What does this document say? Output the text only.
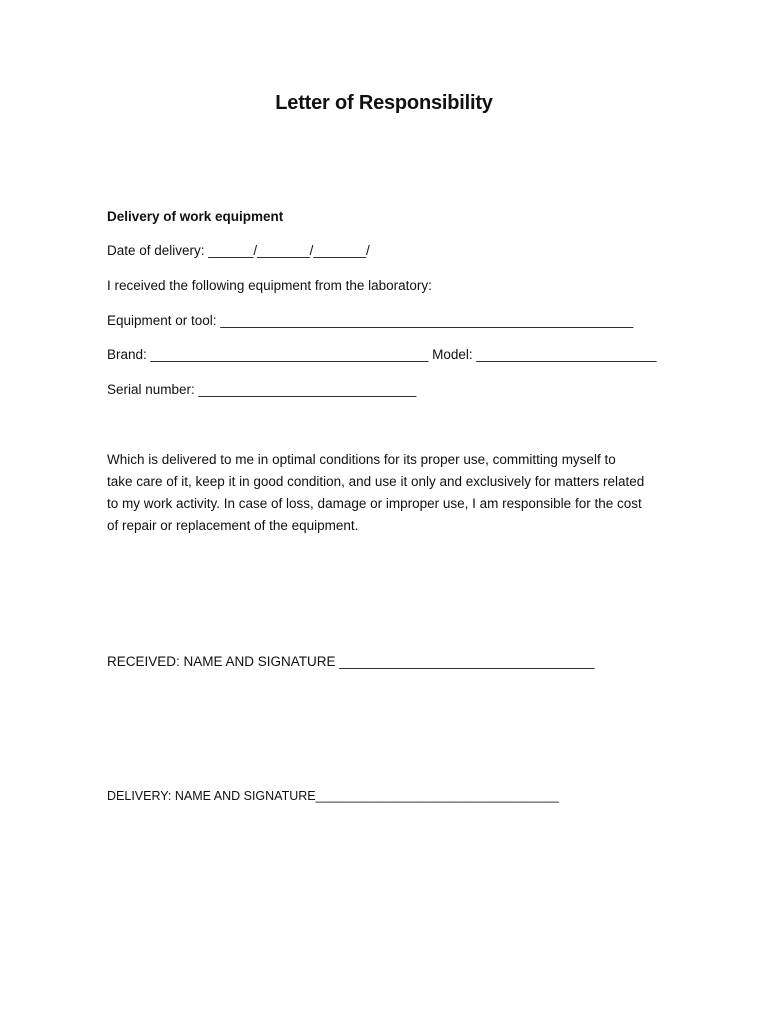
Letter of Responsibility
Delivery of work equipment
Date of delivery: ______/_______/_______/
I received the following equipment from the laboratory:
Equipment or tool: _______________________________________________________
Brand: _____________________________________ Model: ________________________
Serial number: _____________________________
Which is delivered to me in optimal conditions for its proper use, committing myself to
take care of it, keep it in good condition, and use it only and exclusively for matters related
to my work activity. In case of loss, damage or improper use, I am responsible for the cost
of repair or replacement of the equipment.
RECEIVED: NAME AND SIGNATURE __________________________________
DELIVERY: NAME AND SIGNATURE___________________________________
